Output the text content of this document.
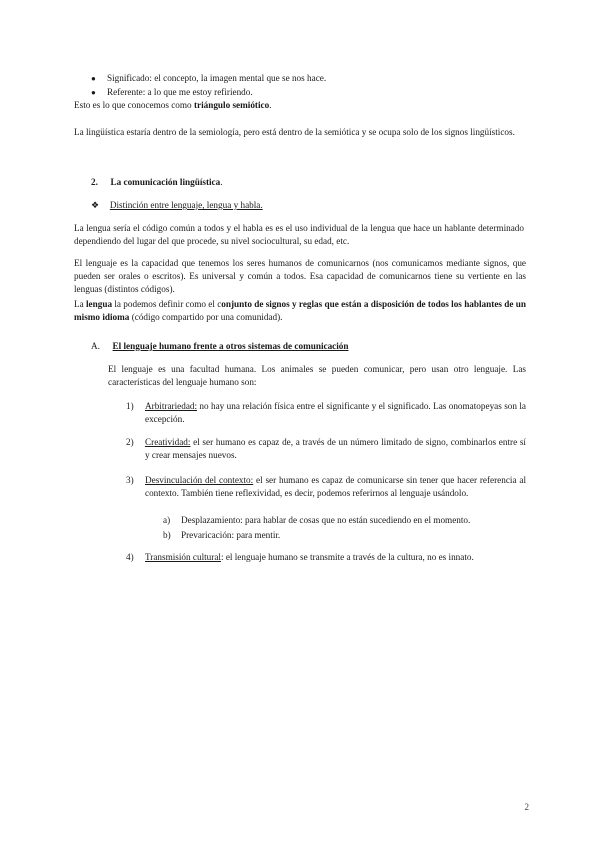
● Significado: el concepto, la imagen mental que se nos hace.
● Referente: a lo que me estoy refiriendo.
Esto es lo que conocemos como triángulo semiótico.
La lingüística estaría dentro de la semiología, pero está dentro de la semiótica y se ocupa solo de los signos lingüísticos.
2. La comunicación lingüística.
❖ Distinción entre lenguaje, lengua y habla.
La lengua sería el código común a todos y el habla es es el uso individual de la lengua que hace un hablante determinado dependiendo del lugar del que procede, su nivel sociocultural, su edad, etc.
El lenguaje es la capacidad que tenemos los seres humanos de comunicarnos (nos comunicamos mediante signos, que pueden ser orales o escritos). Es universal y común a todos. Esa capacidad de comunicarnos tiene su vertiente en las lenguas (distintos códigos).
La lengua la podemos definir como el conjunto de signos y reglas que están a disposición de todos los hablantes de un mismo idioma (código compartido por una comunidad).
A. El lenguaje humano frente a otros sistemas de comunicación
El lenguaje es una facultad humana. Los animales se pueden comunicar, pero usan otro lenguaje. Las características del lenguaje humano son:
1) Arbitrariedad: no hay una relación física entre el significante y el significado. Las onomatopeyas son la excepción.
2) Creatividad: el ser humano es capaz de, a través de un número limitado de signo, combinarlos entre sí y crear mensajes nuevos.
3) Desvinculación del contexto: el ser humano es capaz de comunicarse sin tener que hacer referencia al contexto. También tiene reflexividad, es decir, podemos referirnos al lenguaje usándolo.
a) Desplazamiento: para hablar de cosas que no están sucediendo en el momento.
b) Prevaricación: para mentir.
4) Transmisión cultural: el lenguaje humano se transmite a través de la cultura, no es innato.
2
